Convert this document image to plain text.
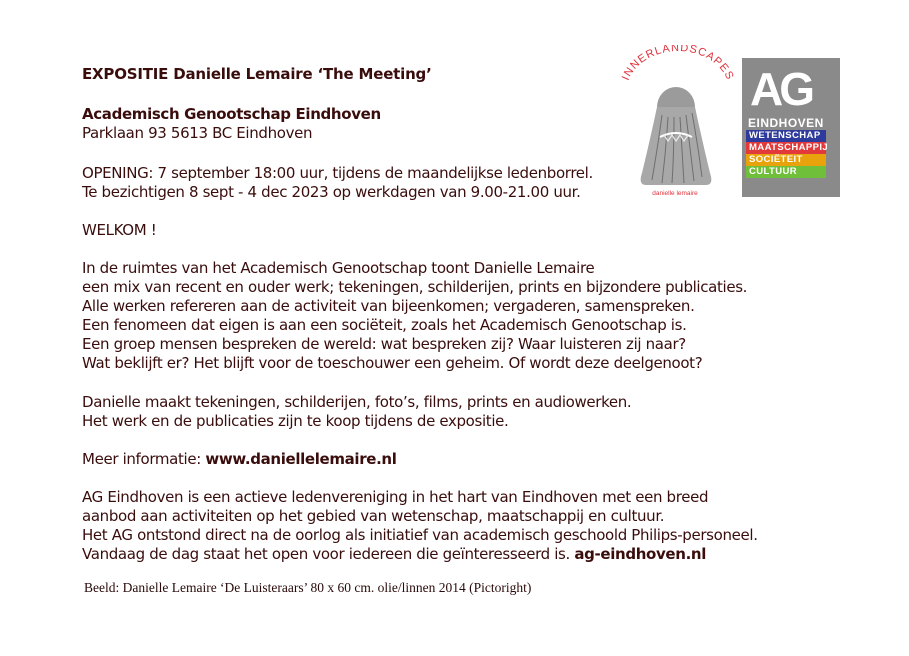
EXPOSITIE Danielle Lemaire ‘The Meeting’

Academisch Genootschap Eindhoven

Parklaan 93 5613 BC Eindhoven

OPENING: 7 september 18:00 uur, tijdens de maandelijkse ledenborrel.

Te bezichtigen 8 sept - 4 dec 2023 op werkdagen van 9.00-21.00 uur.

WELKOM !

In de ruimtes van het Academisch Genootschap toont Danielle Lemaire
een mix van recent en ouder werk; tekeningen, schilderijen, prints en bijzondere publicaties.
Alle werken refereren aan de activiteit van bijeenkomen; vergaderen, samenspreken.
Een fenomeen dat eigen is aan een sociëteit, zoals het Academisch Genootschap is.
Een groep mensen bespreken de wereld: wat bespreken zij? Waar luisteren zij naar?
Wat beklijft er? Het blijft voor de toeschouwer een geheim. Of wordt deze deelgenoot?
Danielle maakt tekeningen, schilderijen, foto’s, films, prints en audiowerken.
Het werk en de publicaties zijn te koop tijdens de expositie.

Meer informatie: www.daniellelemaire.nl

AG Eindhoven is een actieve ledenvereniging in het hart van Eindhoven met een breed
aanbod aan activiteiten op het gebied van wetenschap, maatschappij en cultuur.
Het AG ontstond direct na de oorlog als initiatief van academisch geschoold Philips-personeel.
Vandaag de dag staat het open voor iedereen die geïnteresseerd is. ag-eindhoven.nl
Beeld: Danielle Lemaire ‘De Luisteraars’ 80 x 60 cm. olie/linnen 2014 (Pictoright)
INNERLANDSCAPES
danielle lemaire
AG
EINDHOVEN
WETENSCHAP
MAATSCHAPPIJ
SOCIËTEIT
CULTUUR
